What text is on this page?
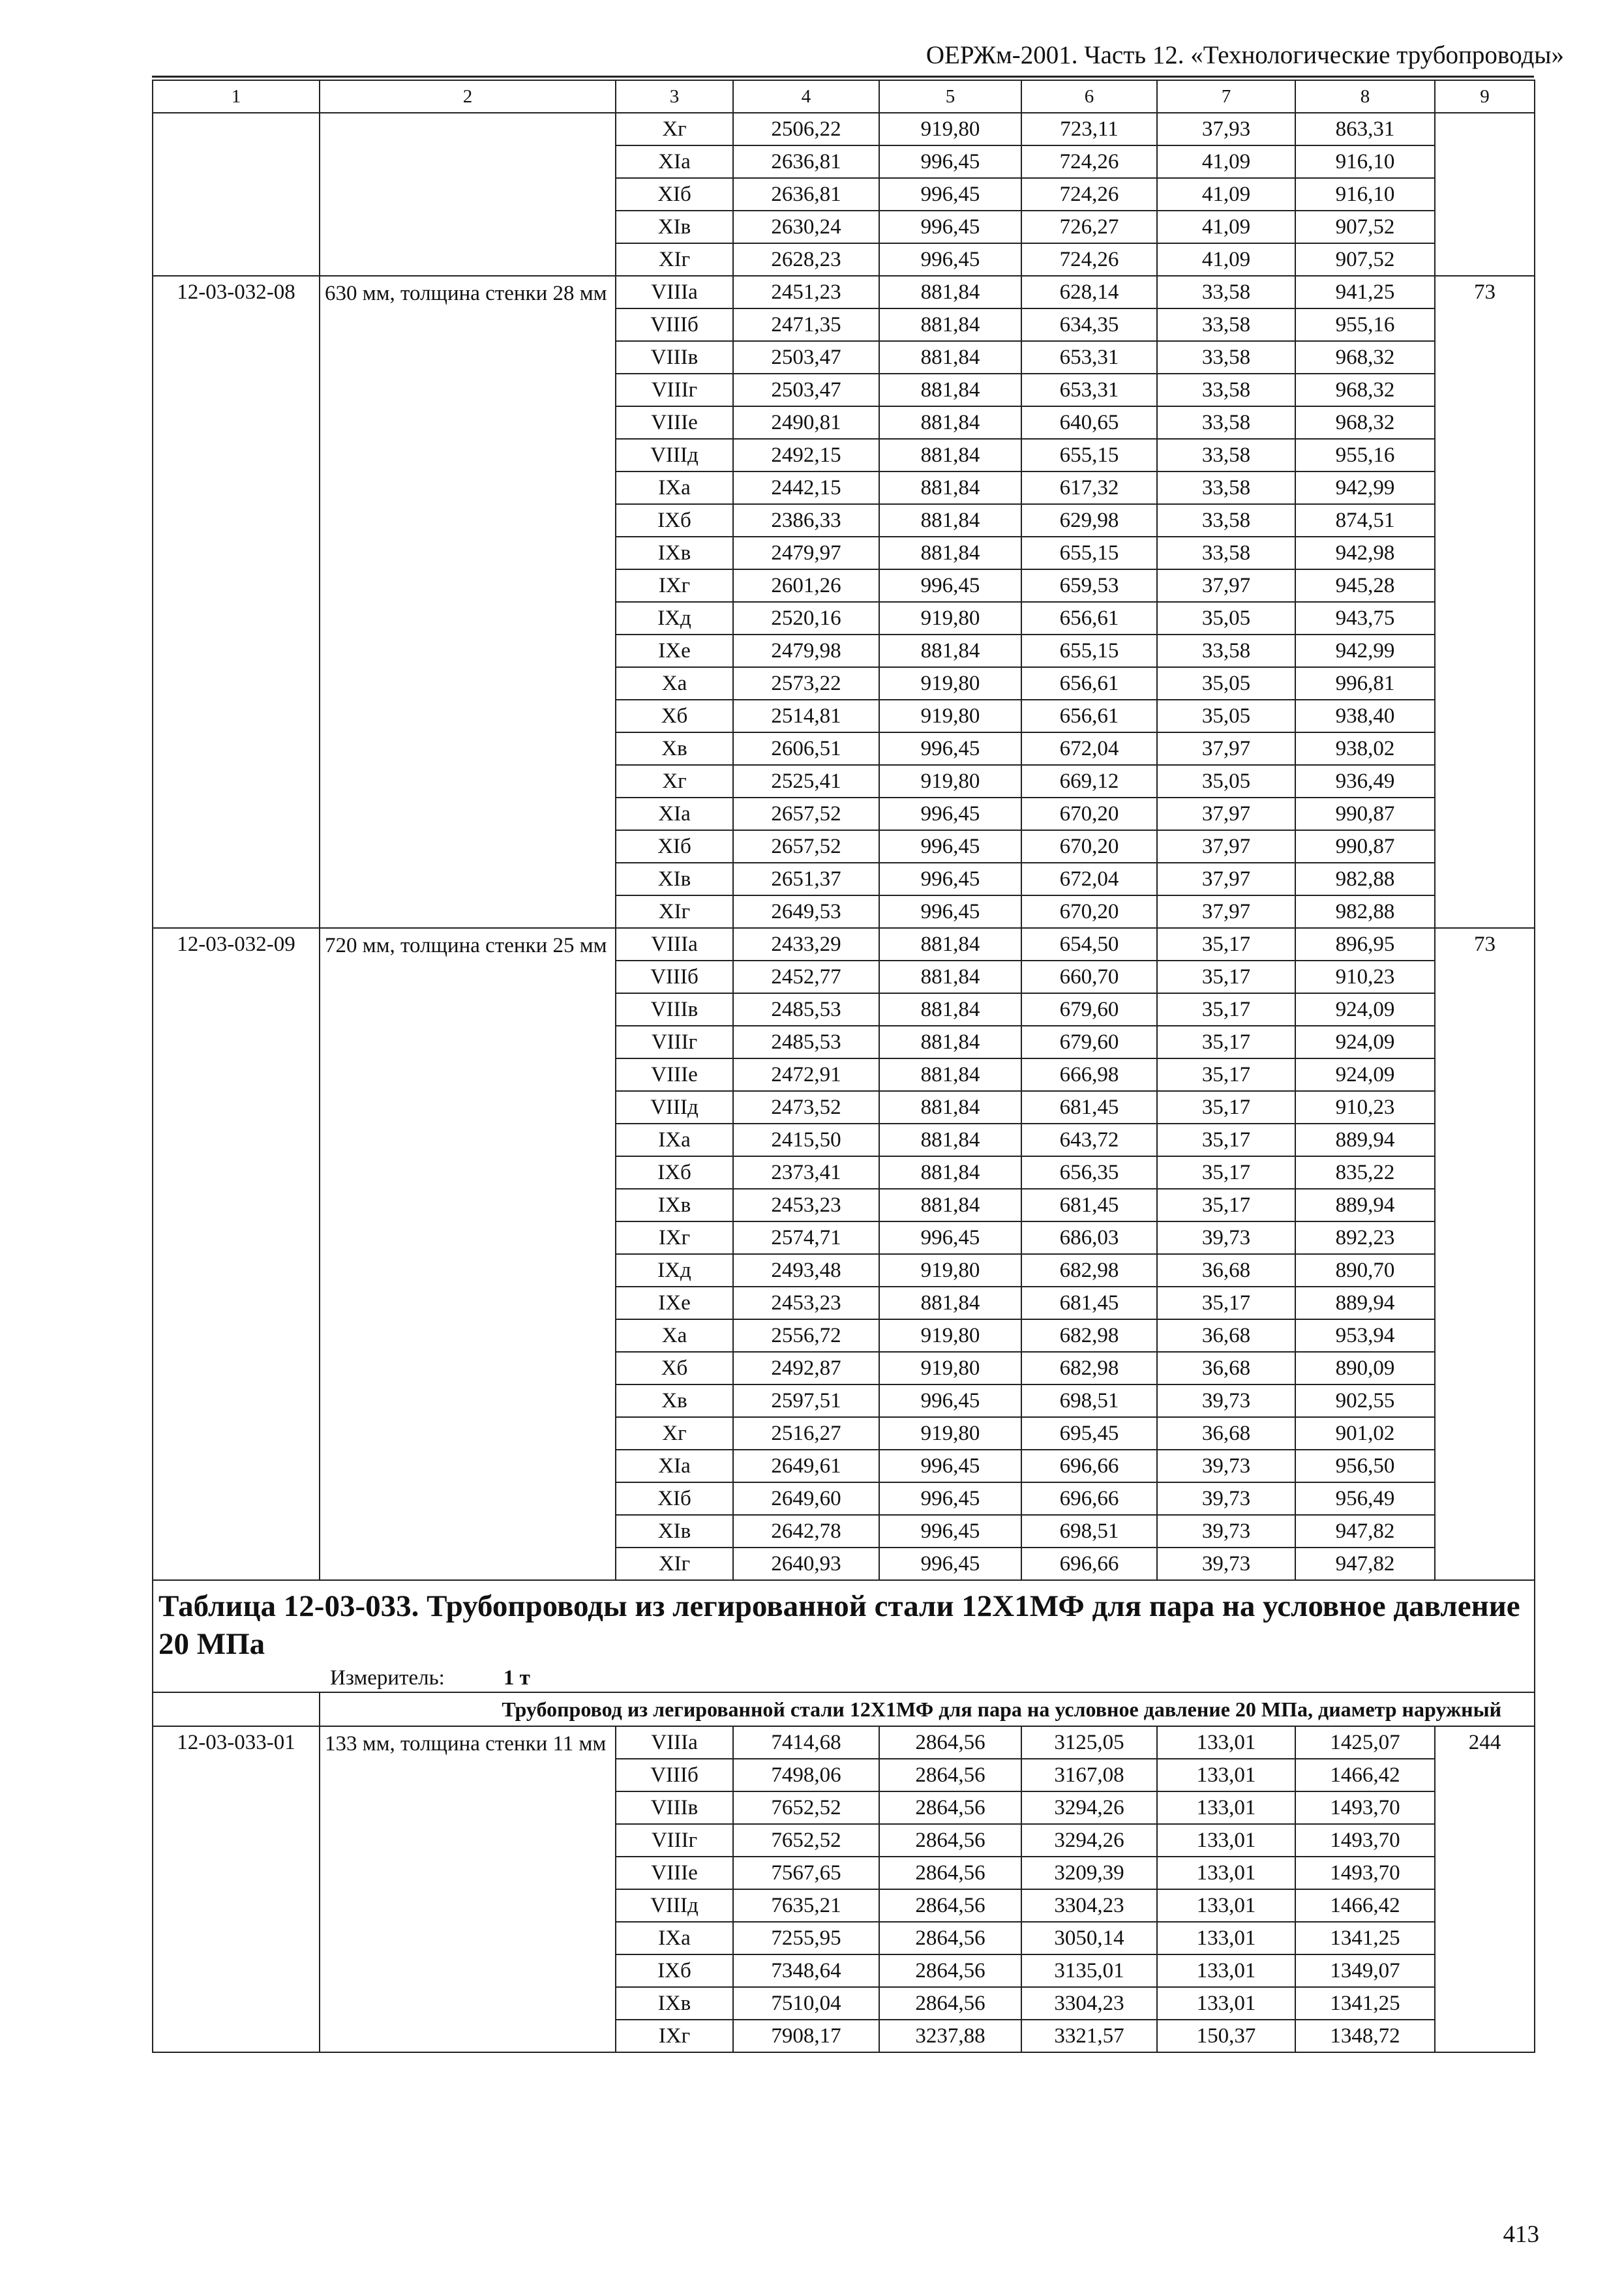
ОЕРЖм-2001. Часть 12. «Технологические трубопроводы»
1	2	3	4	5	6	7	8	9
		Xг	2506,22	919,80	723,11	37,93	863,31	
		XIa	2636,81	996,45	724,26	41,09	916,10	
		XIб	2636,81	996,45	724,26	41,09	916,10	
		XIв	2630,24	996,45	726,27	41,09	907,52	
		XIг	2628,23	996,45	724,26	41,09	907,52	
12-03-032-08	630 мм, толщина стенки 28 мм	VIIIa	2451,23	881,84	628,14	33,58	941,25	73
		VIIIб	2471,35	881,84	634,35	33,58	955,16	
		VIIIв	2503,47	881,84	653,31	33,58	968,32	
		VIIIг	2503,47	881,84	653,31	33,58	968,32	
		VIIIe	2490,81	881,84	640,65	33,58	968,32	
		VIIIд	2492,15	881,84	655,15	33,58	955,16	
		IXa	2442,15	881,84	617,32	33,58	942,99	
		IXб	2386,33	881,84	629,98	33,58	874,51	
		IXв	2479,97	881,84	655,15	33,58	942,98	
		IXг	2601,26	996,45	659,53	37,97	945,28	
		IXд	2520,16	919,80	656,61	35,05	943,75	
		IXe	2479,98	881,84	655,15	33,58	942,99	
		Xa	2573,22	919,80	656,61	35,05	996,81	
		Xб	2514,81	919,80	656,61	35,05	938,40	
		Xв	2606,51	996,45	672,04	37,97	938,02	
		Xг	2525,41	919,80	669,12	35,05	936,49	
		XIa	2657,52	996,45	670,20	37,97	990,87	
		XIб	2657,52	996,45	670,20	37,97	990,87	
		XIв	2651,37	996,45	672,04	37,97	982,88	
		XIг	2649,53	996,45	670,20	37,97	982,88	
12-03-032-09	720 мм, толщина стенки 25 мм	VIIIa	2433,29	881,84	654,50	35,17	896,95	73
		VIIIб	2452,77	881,84	660,70	35,17	910,23	
		VIIIв	2485,53	881,84	679,60	35,17	924,09	
		VIIIг	2485,53	881,84	679,60	35,17	924,09	
		VIIIe	2472,91	881,84	666,98	35,17	924,09	
		VIIIд	2473,52	881,84	681,45	35,17	910,23	
		IXa	2415,50	881,84	643,72	35,17	889,94	
		IXб	2373,41	881,84	656,35	35,17	835,22	
		IXв	2453,23	881,84	681,45	35,17	889,94	
		IXг	2574,71	996,45	686,03	39,73	892,23	
		IXд	2493,48	919,80	682,98	36,68	890,70	
		IXe	2453,23	881,84	681,45	35,17	889,94	
		Xa	2556,72	919,80	682,98	36,68	953,94	
		Xб	2492,87	919,80	682,98	36,68	890,09	
		Xв	2597,51	996,45	698,51	39,73	902,55	
		Xг	2516,27	919,80	695,45	36,68	901,02	
		XIa	2649,61	996,45	696,66	39,73	956,50	
		XIб	2649,60	996,45	696,66	39,73	956,49	
		XIв	2642,78	996,45	698,51	39,73	947,82	
		XIг	2640,93	996,45	696,66	39,73	947,82	

Таблица 12-03-033. Трубопроводы из легированной стали 12Х1МФ для пара на условное давление 20 МПа
Измеритель: 1 т								

	Трубопровод из легированной стали 12Х1МФ для пара на условное давление 20 МПа, диаметр наружный							
12-03-033-01	133 мм, толщина стенки 11 мм	VIIIa	7414,68	2864,56	3125,05	133,01	1425,07	244
		VIIIб	7498,06	2864,56	3167,08	133,01	1466,42	
		VIIIв	7652,52	2864,56	3294,26	133,01	1493,70	
		VIIIг	7652,52	2864,56	3294,26	133,01	1493,70	
		VIIIe	7567,65	2864,56	3209,39	133,01	1493,70	
		VIIIд	7635,21	2864,56	3304,23	133,01	1466,42	
		IXa	7255,95	2864,56	3050,14	133,01	1341,25	
		IXб	7348,64	2864,56	3135,01	133,01	1349,07	
		IXв	7510,04	2864,56	3304,23	133,01	1341,25	
		IXг	7908,17	3237,88	3321,57	150,37	1348,72	
413
